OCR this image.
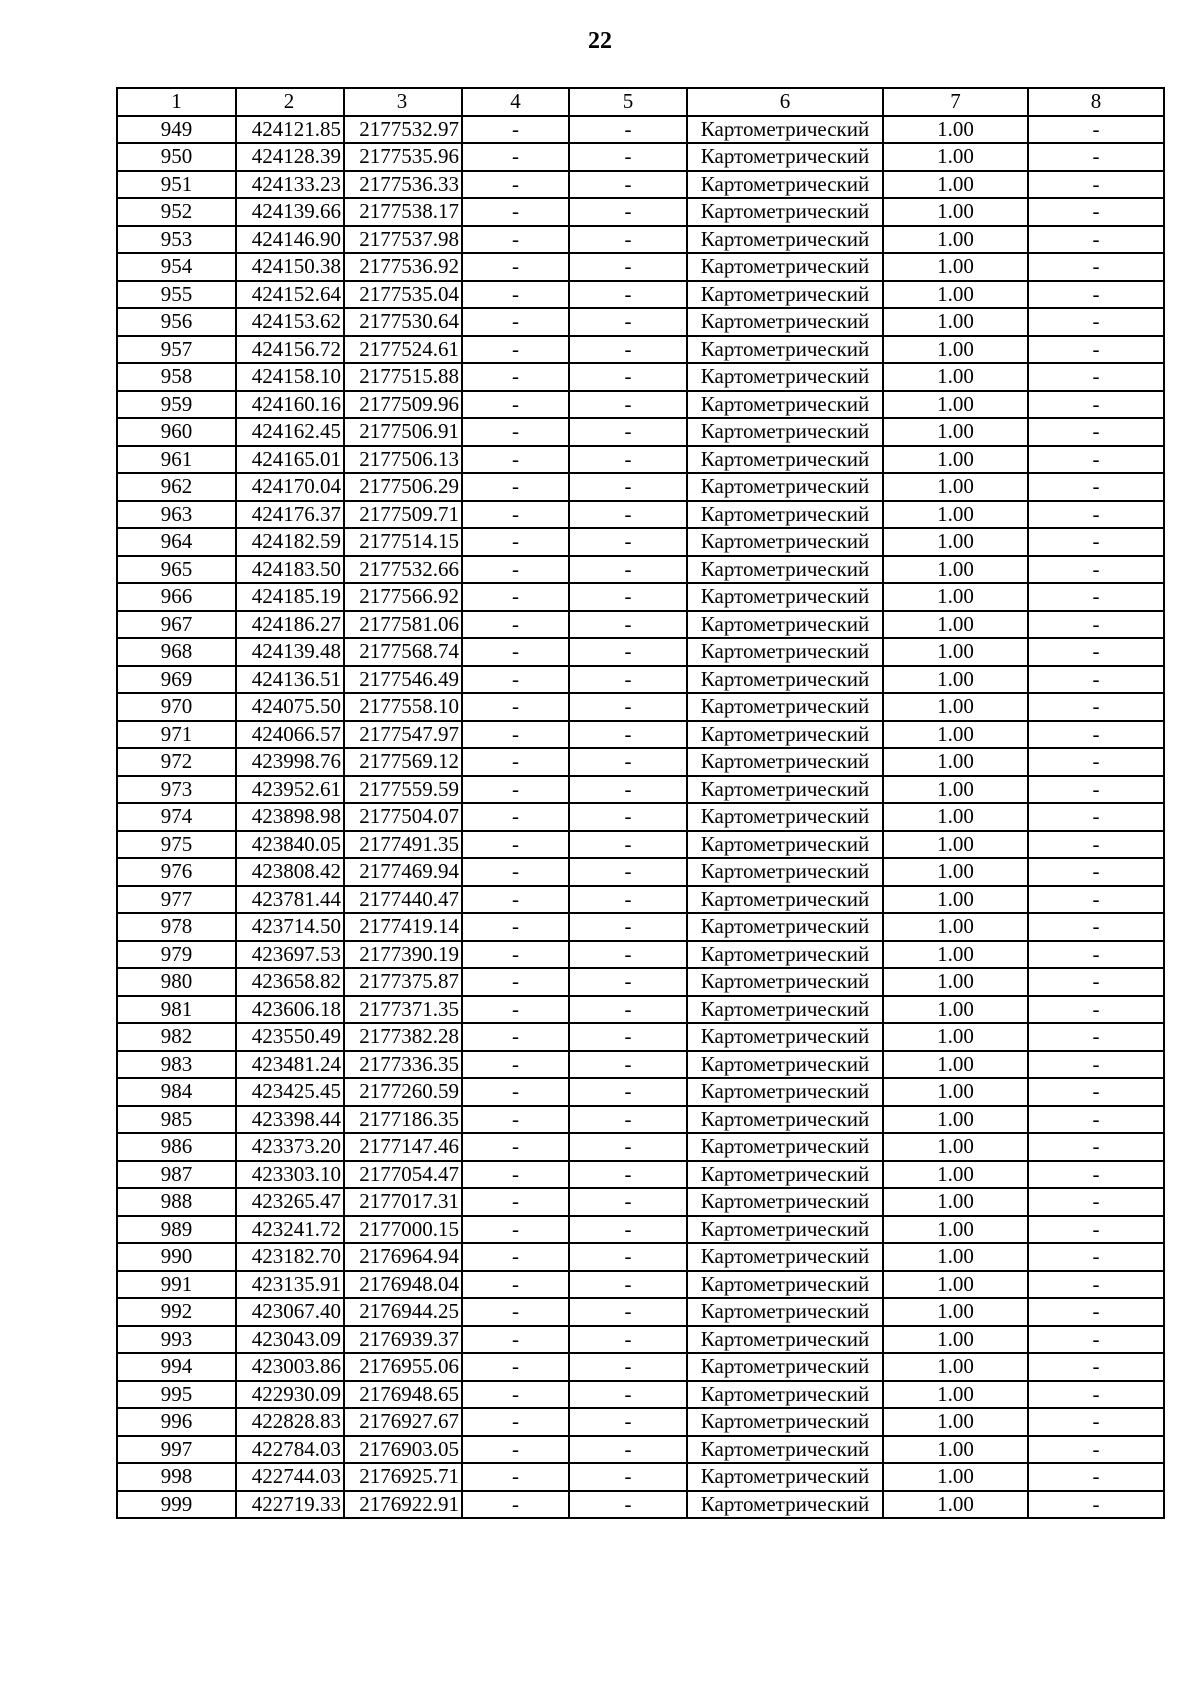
22
1	2	3	4	5	6	7	8
949	424121.85	2177532.97	-	-	Картометрический	1.00	-
950	424128.39	2177535.96	-	-	Картометрический	1.00	-
951	424133.23	2177536.33	-	-	Картометрический	1.00	-
952	424139.66	2177538.17	-	-	Картометрический	1.00	-
953	424146.90	2177537.98	-	-	Картометрический	1.00	-
954	424150.38	2177536.92	-	-	Картометрический	1.00	-
955	424152.64	2177535.04	-	-	Картометрический	1.00	-
956	424153.62	2177530.64	-	-	Картометрический	1.00	-
957	424156.72	2177524.61	-	-	Картометрический	1.00	-
958	424158.10	2177515.88	-	-	Картометрический	1.00	-
959	424160.16	2177509.96	-	-	Картометрический	1.00	-
960	424162.45	2177506.91	-	-	Картометрический	1.00	-
961	424165.01	2177506.13	-	-	Картометрический	1.00	-
962	424170.04	2177506.29	-	-	Картометрический	1.00	-
963	424176.37	2177509.71	-	-	Картометрический	1.00	-
964	424182.59	2177514.15	-	-	Картометрический	1.00	-
965	424183.50	2177532.66	-	-	Картометрический	1.00	-
966	424185.19	2177566.92	-	-	Картометрический	1.00	-
967	424186.27	2177581.06	-	-	Картометрический	1.00	-
968	424139.48	2177568.74	-	-	Картометрический	1.00	-
969	424136.51	2177546.49	-	-	Картометрический	1.00	-
970	424075.50	2177558.10	-	-	Картометрический	1.00	-
971	424066.57	2177547.97	-	-	Картометрический	1.00	-
972	423998.76	2177569.12	-	-	Картометрический	1.00	-
973	423952.61	2177559.59	-	-	Картометрический	1.00	-
974	423898.98	2177504.07	-	-	Картометрический	1.00	-
975	423840.05	2177491.35	-	-	Картометрический	1.00	-
976	423808.42	2177469.94	-	-	Картометрический	1.00	-
977	423781.44	2177440.47	-	-	Картометрический	1.00	-
978	423714.50	2177419.14	-	-	Картометрический	1.00	-
979	423697.53	2177390.19	-	-	Картометрический	1.00	-
980	423658.82	2177375.87	-	-	Картометрический	1.00	-
981	423606.18	2177371.35	-	-	Картометрический	1.00	-
982	423550.49	2177382.28	-	-	Картометрический	1.00	-
983	423481.24	2177336.35	-	-	Картометрический	1.00	-
984	423425.45	2177260.59	-	-	Картометрический	1.00	-
985	423398.44	2177186.35	-	-	Картометрический	1.00	-
986	423373.20	2177147.46	-	-	Картометрический	1.00	-
987	423303.10	2177054.47	-	-	Картометрический	1.00	-
988	423265.47	2177017.31	-	-	Картометрический	1.00	-
989	423241.72	2177000.15	-	-	Картометрический	1.00	-
990	423182.70	2176964.94	-	-	Картометрический	1.00	-
991	423135.91	2176948.04	-	-	Картометрический	1.00	-
992	423067.40	2176944.25	-	-	Картометрический	1.00	-
993	423043.09	2176939.37	-	-	Картометрический	1.00	-
994	423003.86	2176955.06	-	-	Картометрический	1.00	-
995	422930.09	2176948.65	-	-	Картометрический	1.00	-
996	422828.83	2176927.67	-	-	Картометрический	1.00	-
997	422784.03	2176903.05	-	-	Картометрический	1.00	-
998	422744.03	2176925.71	-	-	Картометрический	1.00	-
999	422719.33	2176922.91	-	-	Картометрический	1.00	-
